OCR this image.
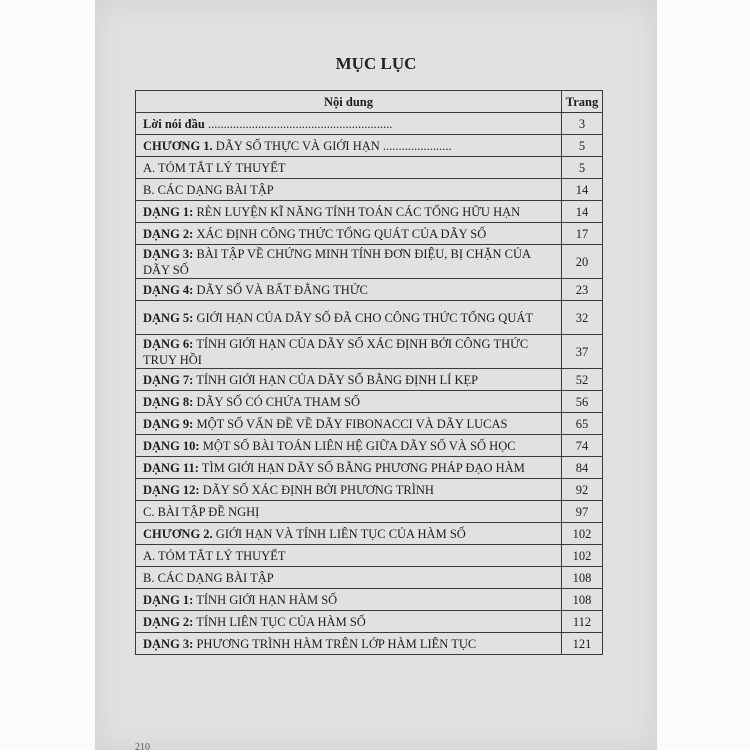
MỤC LỤC
Nội dung	Trang
Lời nói đầu ...........................................................	3
CHƯƠNG 1. DÃY SỐ THỰC VÀ GIỚI HẠN ......................	5
A. TÓM TẮT LÝ THUYẾT	5
B. CÁC DẠNG BÀI TẬP	14
DẠNG 1: RÈN LUYỆN KĨ NĂNG TÍNH TOÁN CÁC TỔNG HỮU HẠN	14
DẠNG 2: XÁC ĐỊNH CÔNG THỨC TỔNG QUÁT CỦA DÃY SỐ	17
DẠNG 3: BÀI TẬP VỀ CHỨNG MINH TÍNH ĐƠN ĐIỆU, BỊ CHẶN CỦA DÃY SỐ	20
DẠNG 4: DÃY SỐ VÀ BẤT ĐẲNG THỨC	23
DẠNG 5: GIỚI HẠN CỦA DÃY SỐ ĐÃ CHO CÔNG THỨC TỔNG QUÁT	32
DẠNG 6: TÍNH GIỚI HẠN CỦA DÃY SỐ XÁC ĐỊNH BỞI CÔNG THỨC TRUY HỒI	37
DẠNG 7: TÍNH GIỚI HẠN CỦA DÃY SỐ BẰNG ĐỊNH LÍ KẸP	52
DẠNG 8: DÃY SỐ CÓ CHỨA THAM SỐ	56
DẠNG 9: MỘT SỐ VẤN ĐỀ VỀ DÃY FIBONACCI VÀ DÃY LUCAS	65
DẠNG 10: MỘT SỐ BÀI TOÁN LIÊN HỆ GIỮA DÃY SỐ VÀ SỐ HỌC	74
DẠNG 11: TÌM GIỚI HẠN DÃY SỐ BẰNG PHƯƠNG PHÁP ĐẠO HÀM	84
DẠNG 12: DÃY SỐ XÁC ĐỊNH BỞI PHƯƠNG TRÌNH	92
C. BÀI TẬP ĐỀ NGHỊ	97
CHƯƠNG 2. GIỚI HẠN VÀ TÍNH LIÊN TỤC CỦA HÀM SỐ	102
A. TÓM TẮT LÝ THUYẾT	102
B. CÁC DẠNG BÀI TẬP	108
DẠNG 1: TÍNH GIỚI HẠN HÀM SỐ	108
DẠNG 2: TÍNH LIÊN TỤC CỦA HÀM SỐ	112
DẠNG 3: PHƯƠNG TRÌNH HÀM TRÊN LỚP HÀM LIÊN TỤC	121
210
